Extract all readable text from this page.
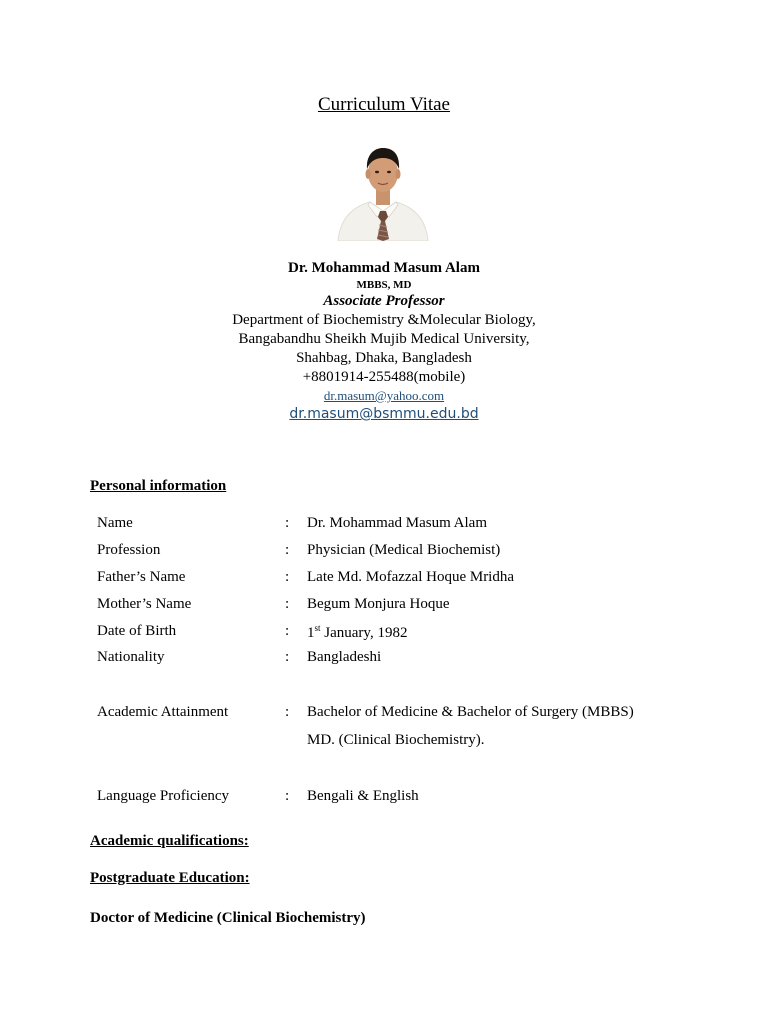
Curriculum Vitae
Dr. Mohammad Masum Alam
MBBS, MD
Associate Professor
Department of Biochemistry &Molecular Biology,
Bangabandhu Sheikh Mujib Medical University,
Shahbag, Dhaka, Bangladesh
+8801914-255488(mobile)
dr.masum@yahoo.com
dr.masum@bsmmu.edu.bd
Personal information
Name	: Dr. Mohammad Masum Alam
Profession	: Physician (Medical Biochemist)
Father’s Name	: Late Md. Mofazzal Hoque Mridha
Mother’s Name	: Begum Monjura Hoque
Date of Birth	: 1st January, 1982
Nationality	: Bangladeshi
Academic Attainment	: Bachelor of Medicine & Bachelor of Surgery (MBBS)
MD. (Clinical Biochemistry).
Language Proficiency	: Bengali & English
Academic qualifications:
Postgraduate Education:
Doctor of Medicine (Clinical Biochemistry)
